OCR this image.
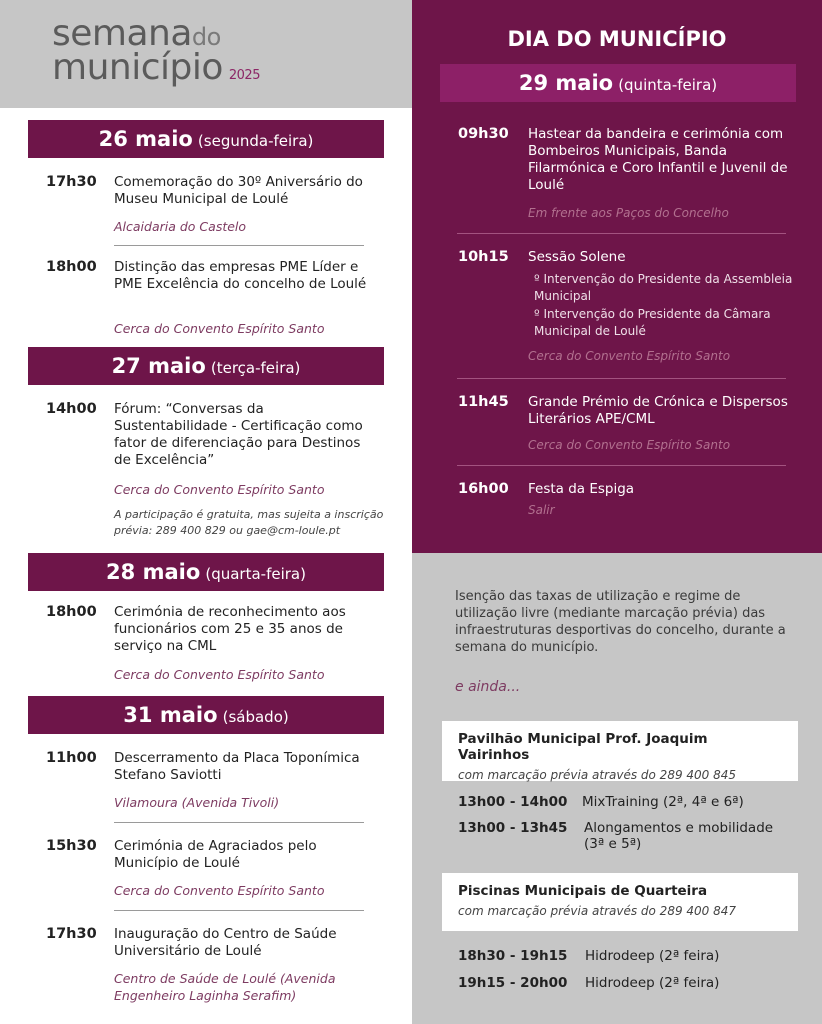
semanado
município 2025
DIA DO MUNICÍPIO
29 maio (quinta-feira)
09h30 Hastear da bandeira e cerimónia com Bombeiros Municipais, Banda Filarmónica e Coro Infantil e Juvenil de Loulé
Em frente aos Paços do Concelho
10h15 Sessão Solene
º Intervenção do Presidente da Assembleia Municipal
º Intervenção do Presidente da Câmara Municipal de Loulé
Cerca do Convento Espírito Santo
11h45 Grande Prémio de Crónica e Dispersos Literários APE/CML
Cerca do Convento Espírito Santo
16h00 Festa da Espiga
Salir
Isenção das taxas de utilização e regime de utilização livre (mediante marcação prévia) das infraestruturas desportivas do concelho, durante a semana do município.
e ainda...
Pavilhão Municipal Prof. Joaquim Vairinhos
com marcação prévia através do 289 400 845
13h00 - 14h00 MixTraining (2ª, 4ª e 6ª)
13h00 - 13h45 Alongamentos e mobilidade (3ª e 5ª)
Piscinas Municipais de Quarteira
com marcação prévia através do 289 400 847
18h30 - 19h15 Hidrodeep (2ª feira)
19h15 - 20h00 Hidrodeep (2ª feira)
26 maio (segunda-feira)
17h30 Comemoração do 30º Aniversário do Museu Municipal de Loulé
Alcaidaria do Castelo
18h00 Distinção das empresas PME Líder e PME Excelência do concelho de Loulé
Cerca do Convento Espírito Santo
27 maio (terça-feira)
14h00 Fórum: “Conversas da Sustentabilidade - Certificação como fator de diferenciação para Destinos de Excelência”
Cerca do Convento Espírito Santo
A participação é gratuita, mas sujeita a inscrição prévia: 289 400 829 ou gae@cm-loule.pt
28 maio (quarta-feira)
18h00 Cerimónia de reconhecimento aos funcionários com 25 e 35 anos de serviço na CML
Cerca do Convento Espírito Santo
31 maio (sábado)
11h00 Descerramento da Placa Toponímica Stefano Saviotti
Vilamoura (Avenida Tivoli)
15h30 Cerimónia de Agraciados pelo Município de Loulé
Cerca do Convento Espírito Santo
17h30 Inauguração do Centro de Saúde Universitário de Loulé
Centro de Saúde de Loulé (Avenida Engenheiro Laginha Serafim)
